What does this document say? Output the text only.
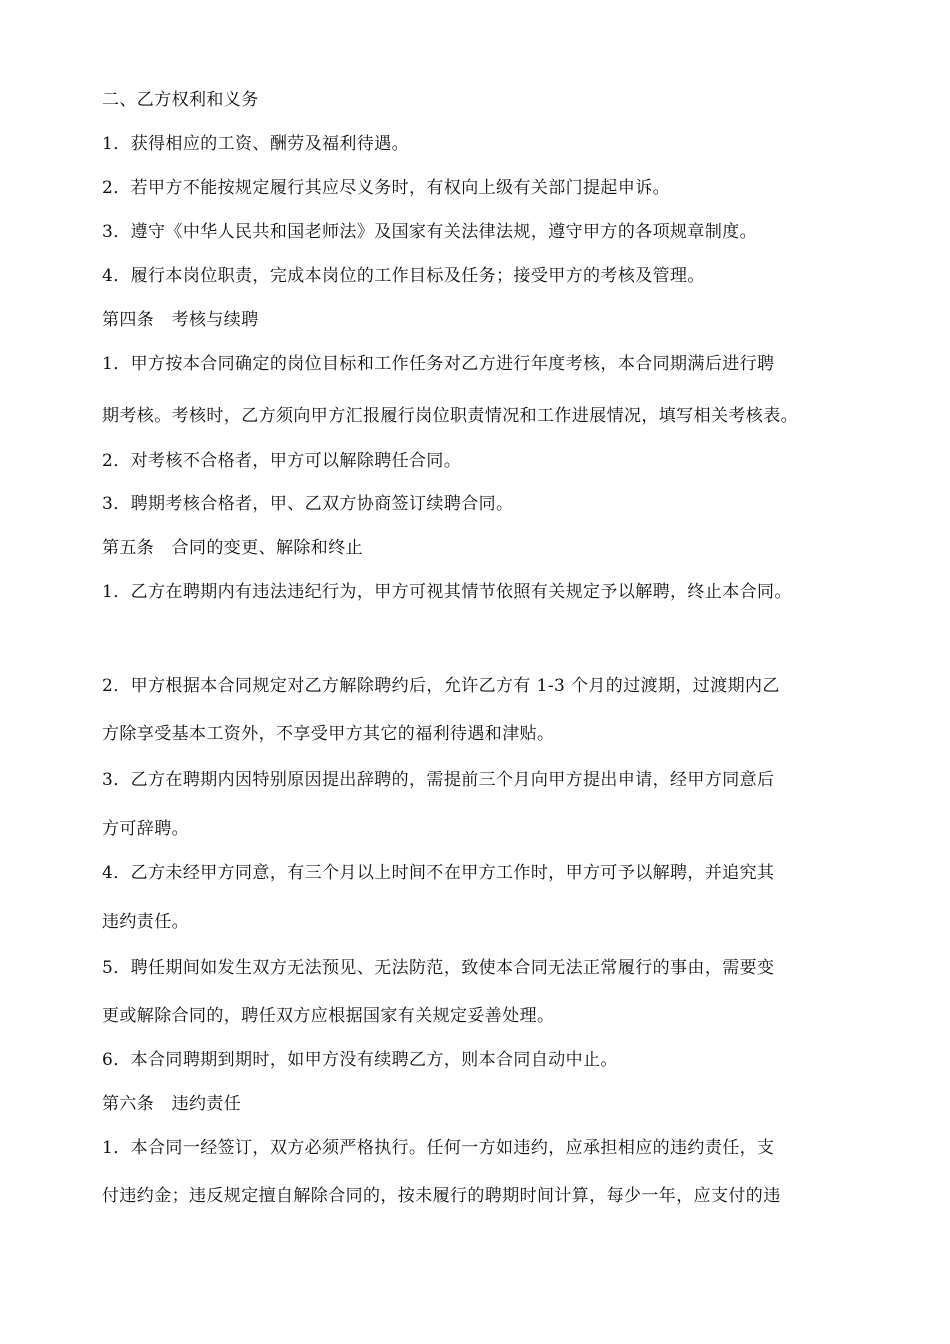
二、乙方权利和义务
1．获得相应的工资、酬劳及福利待遇。
2．若甲方不能按规定履行其应尽义务时，有权向上级有关部门提起申诉。
3．遵守《中华人民共和国老师法》及国家有关法律法规，遵守甲方的各项规章制度。
4．履行本岗位职责，完成本岗位的工作目标及任务；接受甲方的考核及管理。
第四条　考核与续聘
1．甲方按本合同确定的岗位目标和工作任务对乙方进行年度考核，本合同期满后进行聘
期考核。考核时，乙方须向甲方汇报履行岗位职责情况和工作进展情况，填写相关考核表。
2．对考核不合格者，甲方可以解除聘任合同。
3．聘期考核合格者，甲、乙双方协商签订续聘合同。
第五条　合同的变更、解除和终止
1．乙方在聘期内有违法违纪行为，甲方可视其情节依照有关规定予以解聘，终止本合同。
2．甲方根据本合同规定对乙方解除聘约后，允许乙方有 1-3 个月的过渡期，过渡期内乙
方除享受基本工资外，不享受甲方其它的福利待遇和津贴。
3．乙方在聘期内因特别原因提出辞聘的，需提前三个月向甲方提出申请，经甲方同意后
方可辞聘。
4．乙方未经甲方同意，有三个月以上时间不在甲方工作时，甲方可予以解聘，并追究其
违约责任。
5．聘任期间如发生双方无法预见、无法防范，致使本合同无法正常履行的事由，需要变
更或解除合同的，聘任双方应根据国家有关规定妥善处理。
6．本合同聘期到期时，如甲方没有续聘乙方，则本合同自动中止。
第六条　违约责任
1．本合同一经签订，双方必须严格执行。任何一方如违约，应承担相应的违约责任，支
付违约金；违反规定擅自解除合同的，按未履行的聘期时间计算，每少一年，应支付的违
